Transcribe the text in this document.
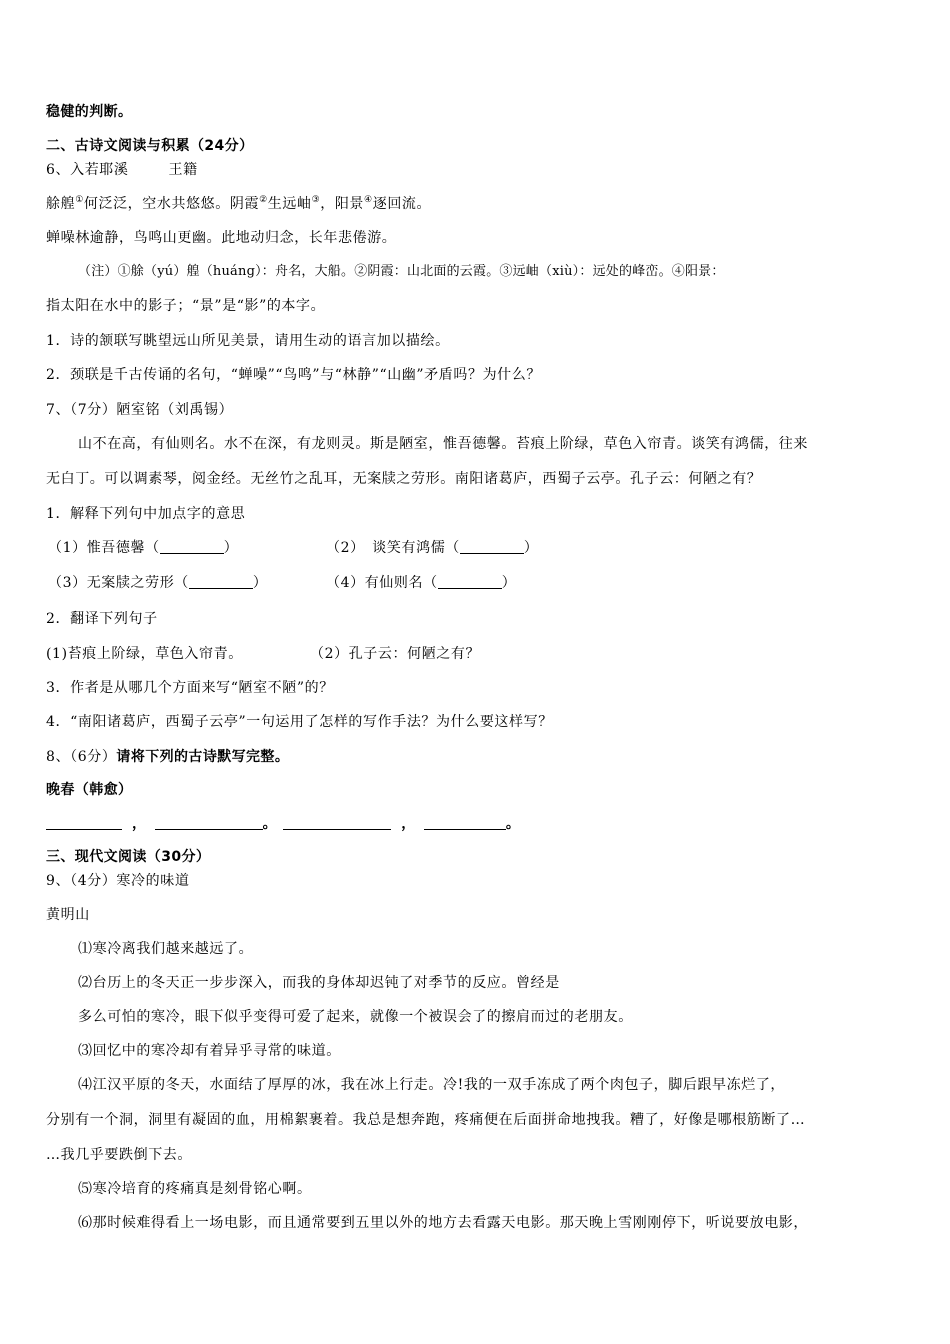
稳健的判断。
二、古诗文阅读与积累（24分）
6、入若耶溪	王籍
艅艎①何泛泛，空水共悠悠。阴霞②生远岫③，阳景④逐回流。
蝉噪林逾静，鸟鸣山更幽。此地动归念，长年悲倦游。
（注）①艅（yú）艎（huáng）：舟名，大船。②阴霞：山北面的云霞。③远岫（xiù）：远处的峰峦。④阳景：
指太阳在水中的影子；“景”是“影”的本字。
1．诗的颔联写眺望远山所见美景，请用生动的语言加以描绘。
2．颈联是千古传诵的名句，“蝉噪”“鸟鸣”与“林静”“山幽”矛盾吗？为什么？
7、（7分）陋室铭（刘禹锡）
山不在高，有仙则名。水不在深，有龙则灵。斯是陋室，惟吾德馨。苔痕上阶绿，草色入帘青。谈笑有鸿儒，往来
无白丁。可以调素琴，阅金经。无丝竹之乱耳，无案牍之劳形。南阳诸葛庐，西蜀子云亭。孔子云：何陋之有？
1．解释下列句中加点字的意思
（1）惟吾德馨（	）	（2）　谈笑有鸿儒（	）
（3）无案牍之劳形（	）	（4）有仙则名（	）
2．翻译下列句子
(1)苔痕上阶绿，草色入帘青。	（2）孔子云：何陋之有？
3．作者是从哪几个方面来写“陋室不陋”的？
4．“南阳诸葛庐，西蜀子云亭”一句运用了怎样的写作手法？为什么要这样写？
8、（6分）请将下列的古诗默写完整。
晚春（韩愈）
，	。	，	。
三、现代文阅读（30分）
9、（4分）寒冷的味道
黄明山
⑴寒冷离我们越来越远了。
⑵台历上的冬天正一步步深入，而我的身体却迟钝了对季节的反应。曾经是
多么可怕的寒冷，眼下似乎变得可爱了起来，就像一个被误会了的擦肩而过的老朋友。
⑶回忆中的寒冷却有着异乎寻常的味道。
⑷江汉平原的冬天，水面结了厚厚的冰，我在冰上行走。冷!我的一双手冻成了两个肉包子，脚后跟早冻烂了，
分别有一个洞，洞里有凝固的血，用棉絮裹着。我总是想奔跑，疼痛便在后面拼命地拽我。糟了，好像是哪根筋断了…
…我几乎要跌倒下去。
⑸寒冷培育的疼痛真是刻骨铭心啊。
⑹那时候难得看上一场电影，而且通常要到五里以外的地方去看露天电影。那天晚上雪刚刚停下，听说要放电影，
